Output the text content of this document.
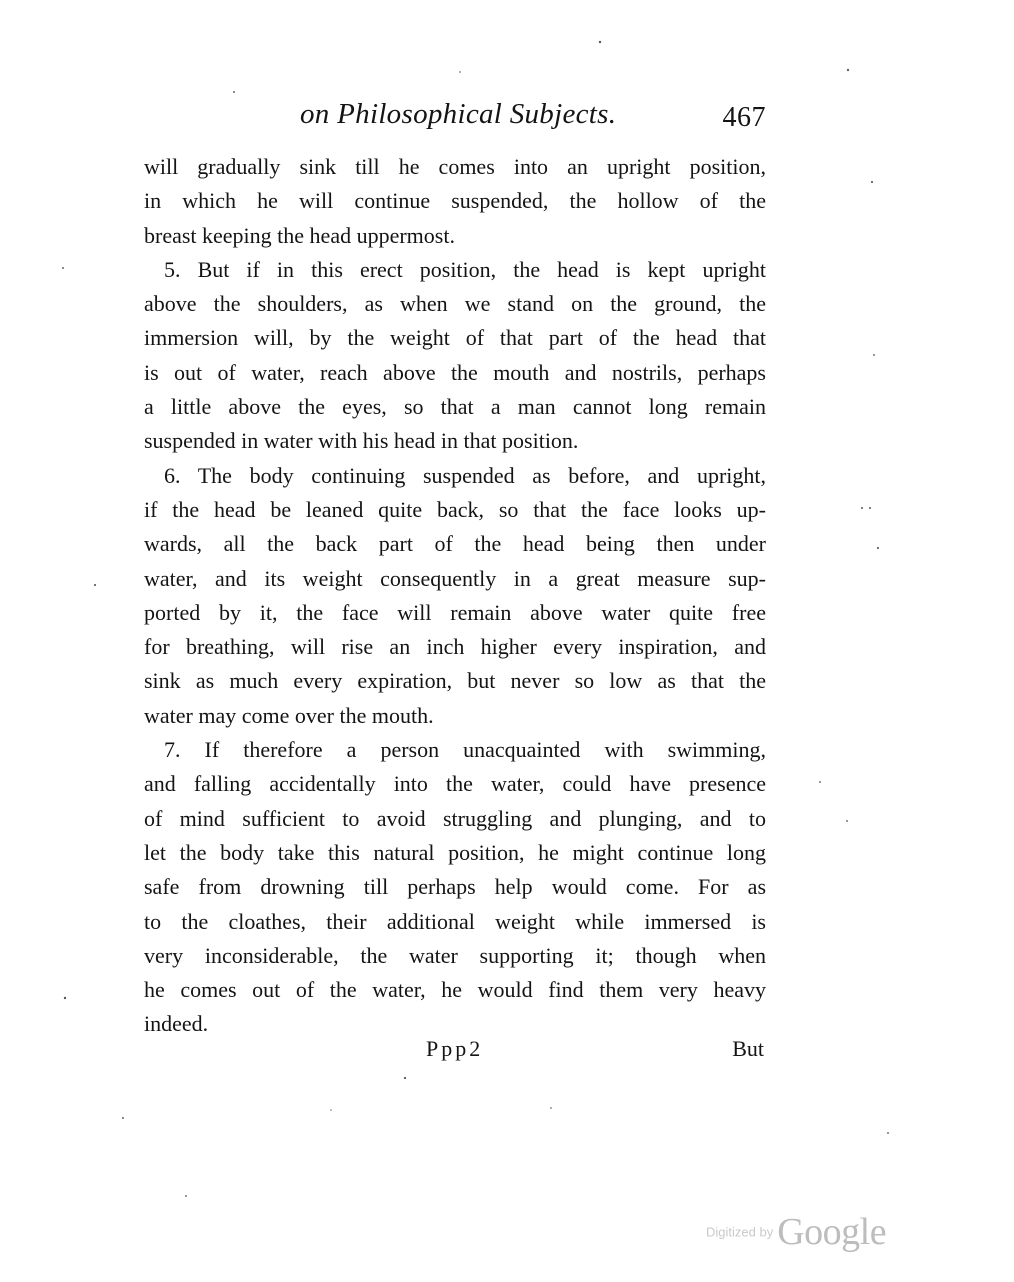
on Philosophical Subjects.	467
will gradually sink till he comes into an upright position,
in which he will continue suspended, the hollow of the
breast keeping the head uppermost.
5. But if in this erect position, the head is kept upright
above the shoulders, as when we stand on the ground, the
immersion will, by the weight of that part of the head that
is out of water, reach above the mouth and nostrils, perhaps
a little above the eyes, so that a man cannot long remain
suspended in water with his head in that position.
6. The body continuing suspended as before, and upright,
if the head be leaned quite back, so that the face looks up-
wards, all the back part of the head being then under
water, and its weight consequently in a great measure sup-
ported by it, the face will remain above water quite free
for breathing, will rise an inch higher every inspiration, and
sink as much every expiration, but never so low as that the
water may come over the mouth.
7. If therefore a person unacquainted with swimming,
and falling accidentally into the water, could have presence
of mind sufficient to avoid struggling and plunging, and to
let the body take this natural position, he might continue long
safe from drowning till perhaps help would come. For as
to the cloathes, their additional weight while immersed is
very inconsiderable, the water supporting it; though when
he comes out of the water, he would find them very heavy
indeed.
Ppp2	But
Digitized by Google
